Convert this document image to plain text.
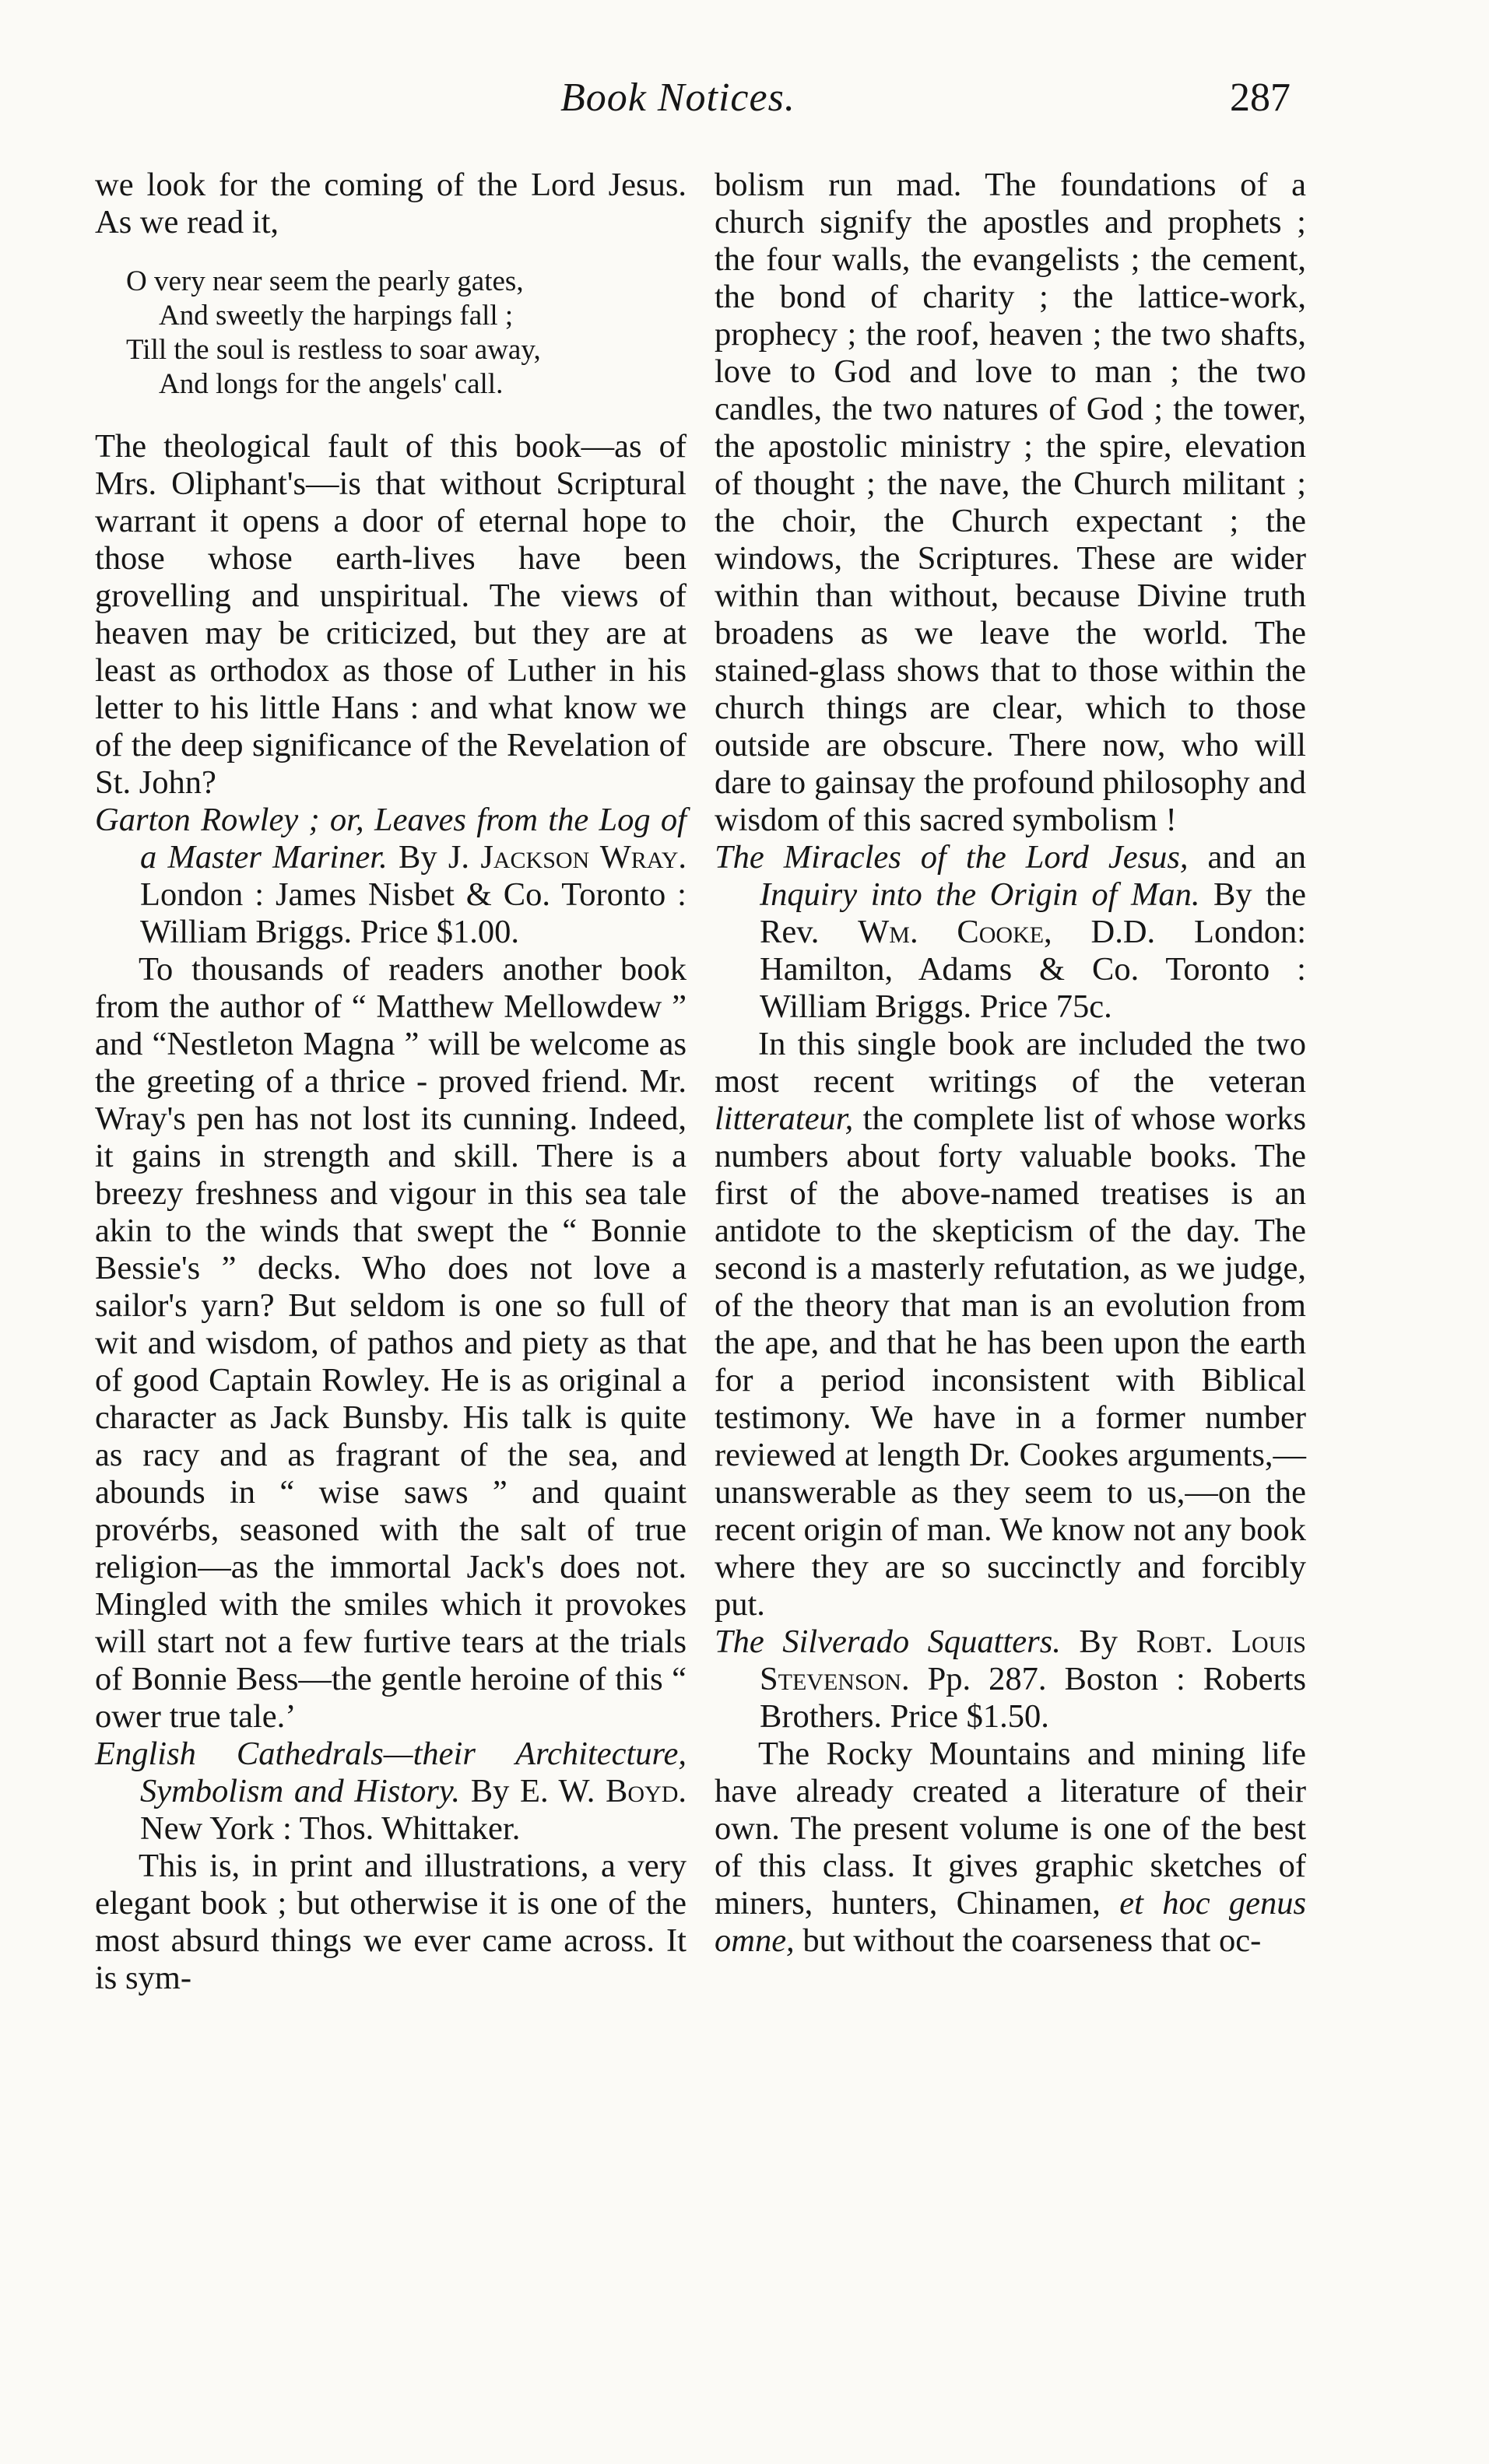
Book Notices.	287

we look for the coming of the Lord Jesus. As we read it,

O very near seem the pearly gates,
And sweetly the harpings fall ;
Till the soul is restless to soar away,
And longs for the angels' call.

The theological fault of this book—as of Mrs. Oliphant's—is that without Scriptural warrant it opens a door of eternal hope to those whose earth-lives have been grovelling and unspiritual. The views of heaven may be criticized, but they are at least as orthodox as those of Luther in his letter to his little Hans : and what know we of the deep significance of the Revelation of St. John?

Garton Rowley ; or, Leaves from the Log of a Master Mariner. By J. Jackson Wray. London : James Nisbet & Co. Toronto : William Briggs. Price $1.00.

To thousands of readers another book from the author of “ Matthew Mellowdew ” and “Nestleton Magna ” will be welcome as the greeting of a thrice - proved friend. Mr. Wray's pen has not lost its cunning. Indeed, it gains in strength and skill. There is a breezy freshness and vigour in this sea tale akin to the winds that swept the “ Bonnie Bessie's ” decks. Who does not love a sailor's yarn? But seldom is one so full of wit and wisdom, of pathos and piety as that of good Captain Rowley. He is as original a character as Jack Bunsby. His talk is quite as racy and as fragrant of the sea, and abounds in “ wise saws ” and quaint provérbs, seasoned with the salt of true religion—as the immortal Jack's does not. Mingled with the smiles which it provokes will start not a few furtive tears at the trials of Bonnie Bess—the gentle heroine of this “ ower true tale.’

English Cathedrals—their Architecture, Symbolism and History. By E. W. Boyd. New York : Thos. Whittaker.

This is, in print and illustrations, a very elegant book ; but otherwise it is one of the most absurd things we ever came across. It is sym-

bolism run mad. The foundations of a church signify the apostles and prophets ; the four walls, the evangelists ; the cement, the bond of charity ; the lattice-work, prophecy ; the roof, heaven ; the two shafts, love to God and love to man ; the two candles, the two natures of God ; the tower, the apostolic ministry ; the spire, elevation of thought ; the nave, the Church militant ; the choir, the Church expectant ; the windows, the Scriptures. These are wider within than without, because Divine truth broadens as we leave the world. The stained-glass shows that to those within the church things are clear, which to those outside are obscure. There now, who will dare to gainsay the profound philosophy and wisdom of this sacred symbolism !

The Miracles of the Lord Jesus, and an Inquiry into the Origin of Man. By the Rev. Wm. Cooke, D.D. London: Hamilton, Adams & Co. Toronto : William Briggs. Price 75c.

In this single book are included the two most recent writings of the veteran litterateur, the complete list of whose works numbers about forty valuable books. The first of the above-named treatises is an antidote to the skepticism of the day. The second is a masterly refutation, as we judge, of the theory that man is an evolution from the ape, and that he has been upon the earth for a period inconsistent with Biblical testimony. We have in a former number reviewed at length Dr. Cookes arguments,— unanswerable as they seem to us,—on the recent origin of man. We know not any book where they are so succinctly and forcibly put.

The Silverado Squatters. By Robt. Louis Stevenson. Pp. 287. Boston : Roberts Brothers. Price $1.50.

The Rocky Mountains and mining life have already created a literature of their own. The present volume is one of the best of this class. It gives graphic sketches of miners, hunters, Chinamen, et hoc genus omne, but without the coarseness that oc-
